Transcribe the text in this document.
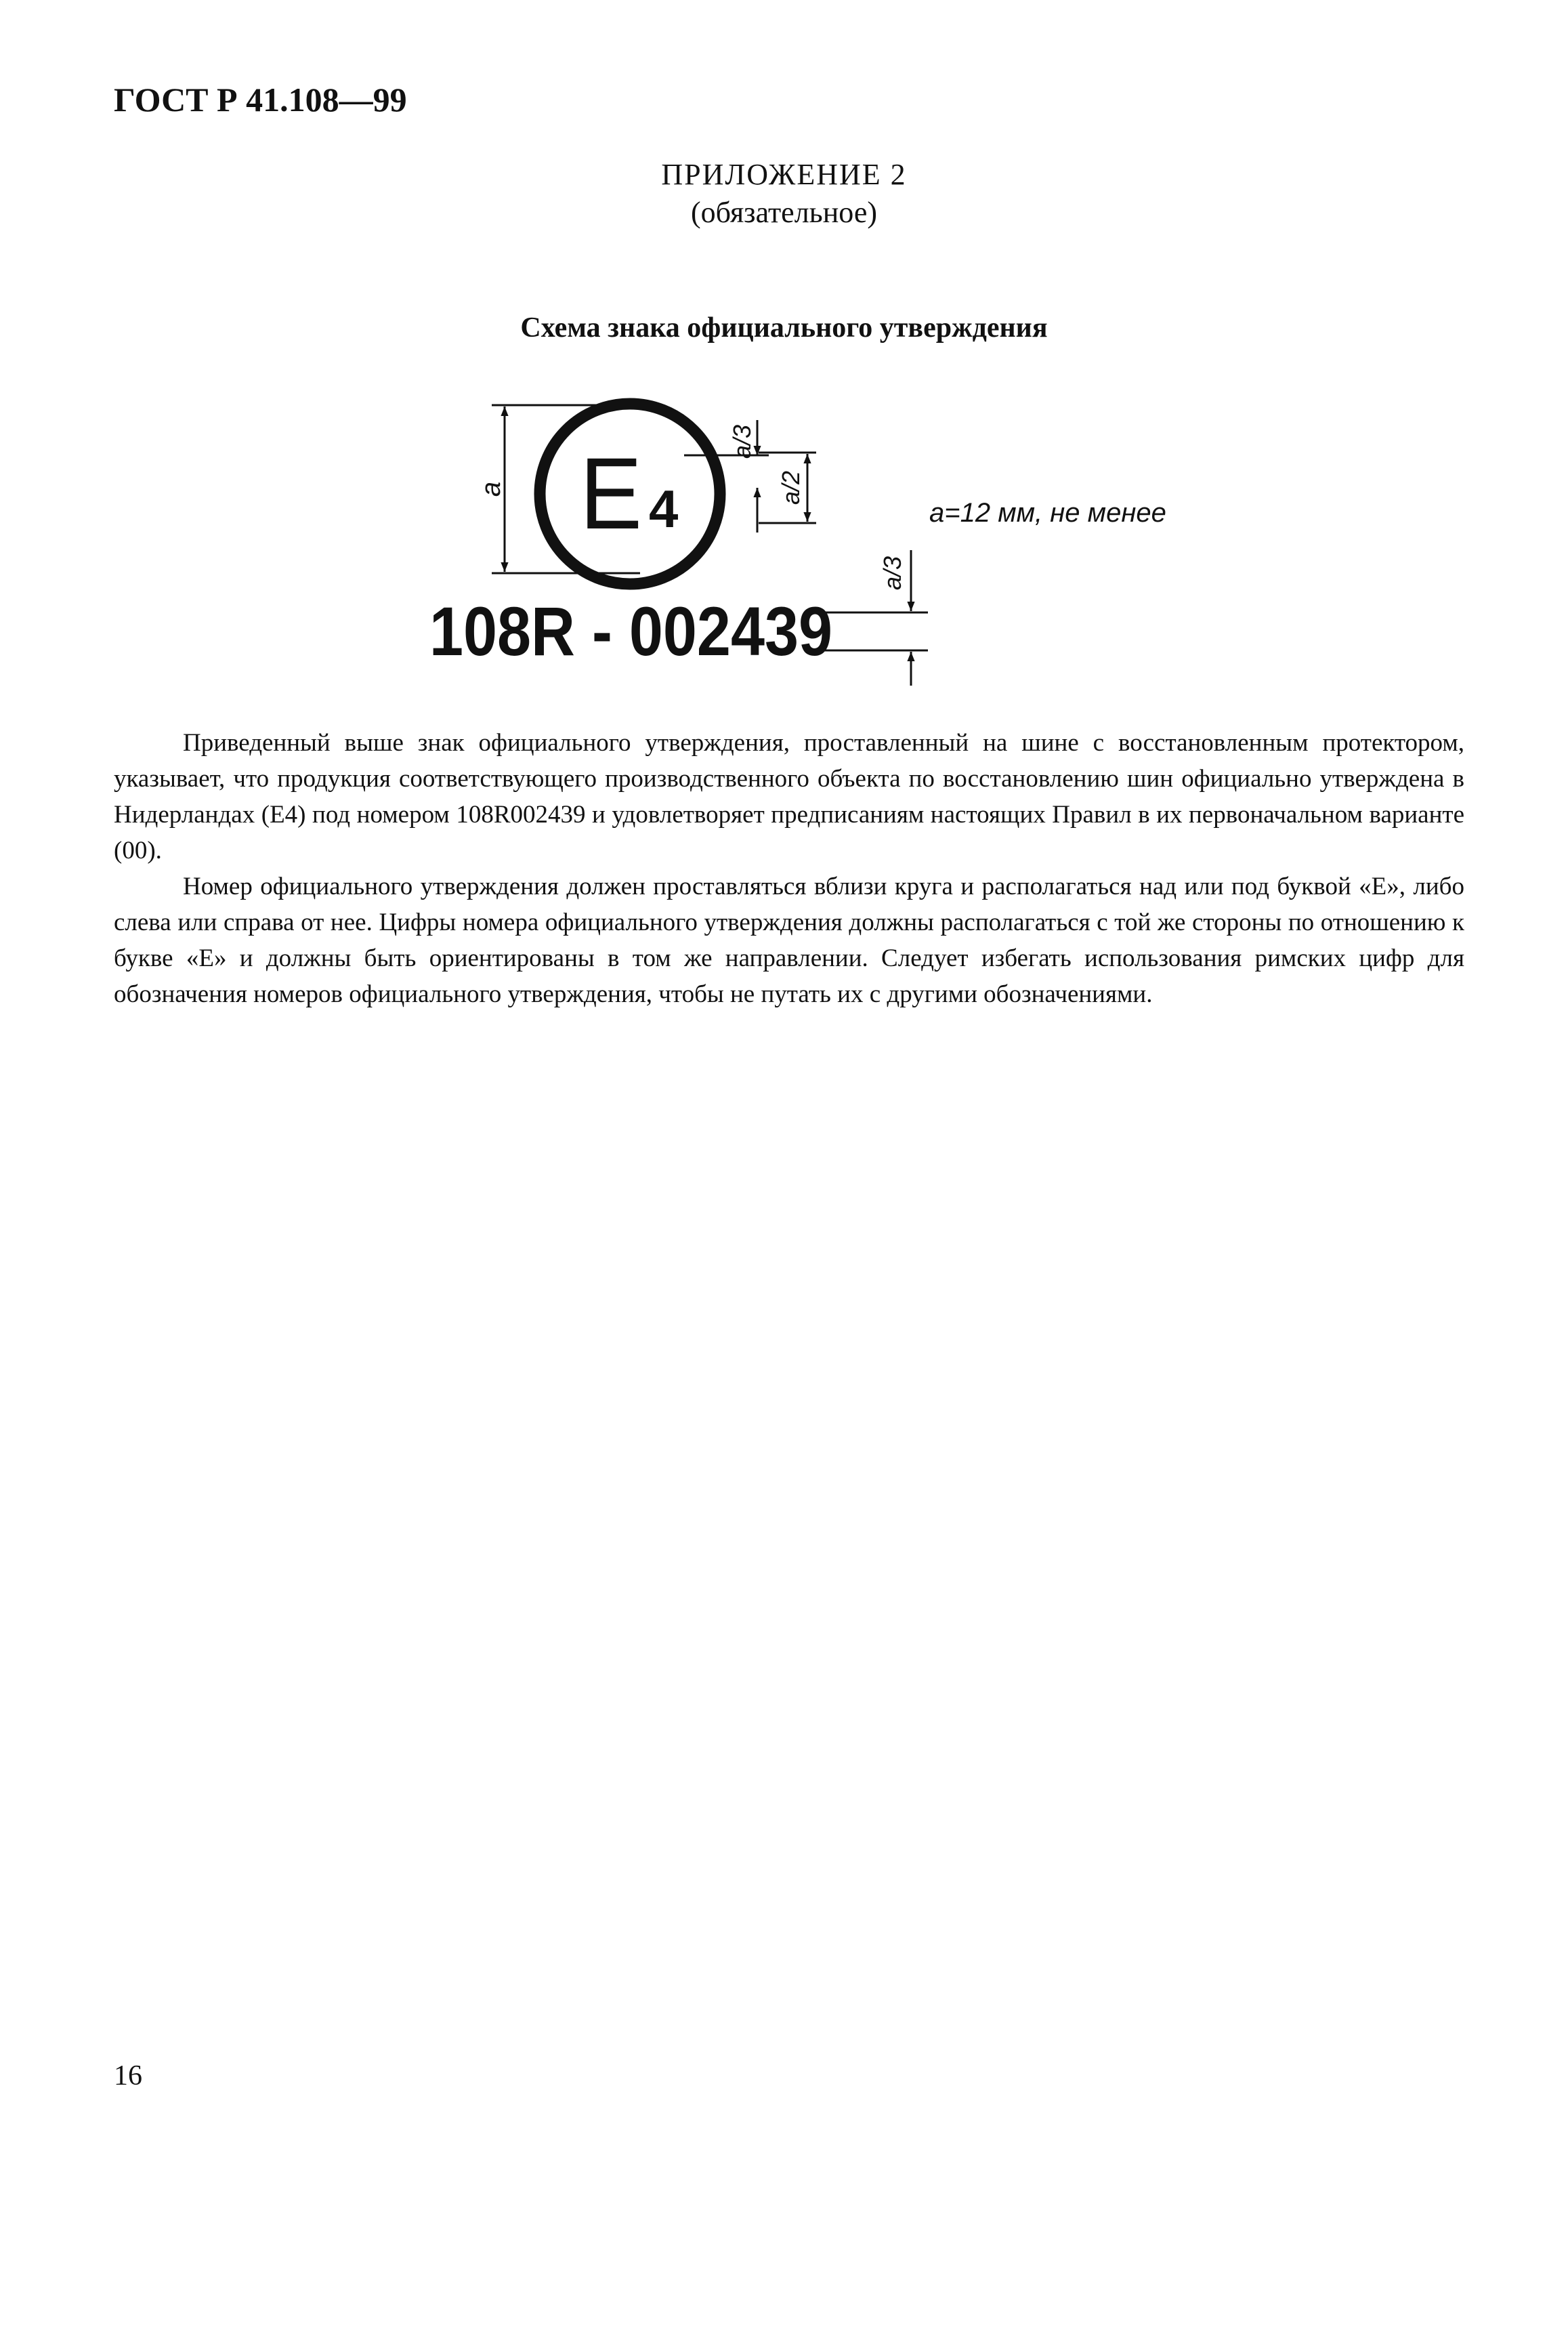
ГОСТ Р 41.108—99
ПРИЛОЖЕНИЕ 2
(обязательное)
Схема знака официального утверждения
E 4
108R - 002439
a
a/3
a/2
a/3
a=12 мм, не менее

Приведенный выше знак официального утверждения, проставленный на шине с восстановленным протектором, указывает, что продукция соответствующего производственного объекта по восстановлению шин официально утверждена в Нидерландах (E4) под номером 108R002439 и удовлетворяет предписаниям настоящих Правил в их первоначальном варианте (00).

Номер официального утверждения должен проставляться вблизи круга и располагаться над или под буквой «E», либо слева или справа от нее. Цифры номера официального утверждения должны располагаться с той же стороны по отношению к букве «E» и должны быть ориентированы в том же направлении. Следует избегать использования римских цифр для обозначения номеров официального утверждения, чтобы не путать их с другими обозначениями.

16
